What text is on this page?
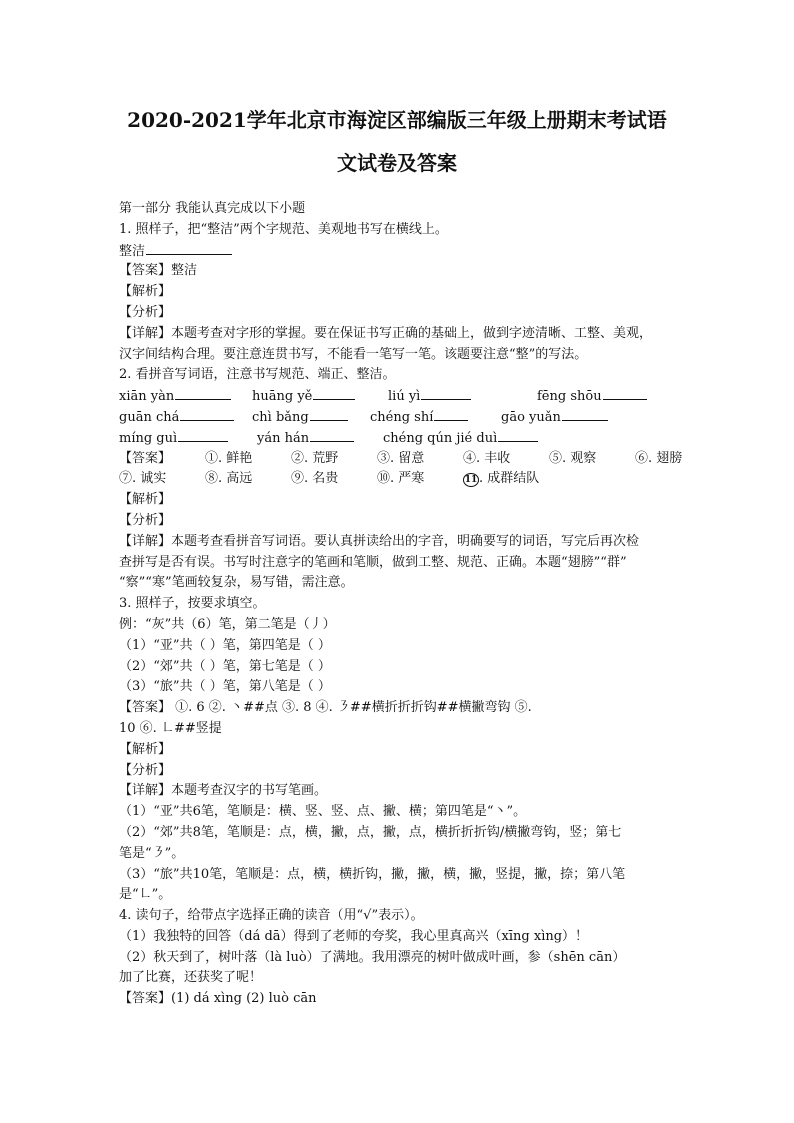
2020-2021学年北京市海淀区部编版三年级上册期末考试语
文试卷及答案
第一部分 我能认真完成以下小题
1. 照样子，把“整洁”两个字规范、美观地书写在横线上。
整洁
【答案】整洁
【解析】
【分析】
【详解】本题考查对字形的掌握。要在保证书写正确的基础上，做到字迹清晰、工整、美观，
汉字间结构合理。要注意连贯书写，不能看一笔写一笔。该题要注意“整”的写法。
2. 看拼音写词语，注意书写规范、端正、整洁。
xiān yàn	huāng yě	liú yì	fēng shōu
guān chá	chì bǎng	chéng shí	gāo yuǎn
míng guì	yán hán	chéng qún jié duì
【答案】	①. 鲜艳	②. 荒野	③. 留意	④. 丰收	⑤. 观察	⑥. 翅膀
⑦. 诚实	⑧. 高远	⑨. 名贵	⑩. 严寒	11 . 成群结队
【解析】
【分析】
【详解】本题考查看拼音写词语。要认真拼读给出的字音，明确要写的词语，写完后再次检
查拼写是否有误。书写时注意字的笔画和笔顺，做到工整、规范、正确。本题“翅膀”“群”
“察”“寒”笔画较复杂，易写错，需注意。
3. 照样子，按要求填空。
例：“灰”共（6）笔，第二笔是（丿）
（1）“亚”共（ ）笔，第四笔是（ ）
（2）“郊”共（ ）笔，第七笔是（ ）
（3）“旅”共（ ）笔，第八笔是（ ）
【答案】 ①. 6 ②. 丶##点 ③. 8 ④. ㇋##横折折折钩##横撇弯钩 ⑤.
10 ⑥. ㇗##竖提
【解析】
【分析】
【详解】本题考查汉字的书写笔画。
（1）“亚”共6笔，笔顺是：横、竖、竖、点、撇、横；第四笔是“丶”。
（2）“郊”共8笔，笔顺是：点，横，撇，点，撇，点，横折折折钩/横撇弯钩，竖；第七
笔是“㇋”。
（3）“旅”共10笔，笔顺是：点，横，横折钩，撇，撇，横，撇，竖提，撇，捺；第八笔
是“㇗”。
4. 读句子，给带点字选择正确的读音（用“√”表示）。
（1）我独特的回答（dá dā）得到了老师的夸奖，我心里真高兴（xīng xìng）！
（2）秋天到了，树叶落（là luò）了满地。我用漂亮的树叶做成叶画，参（shēn cān）
加了比赛，还获奖了呢！
【答案】(1) dá xìng (2) luò cān
